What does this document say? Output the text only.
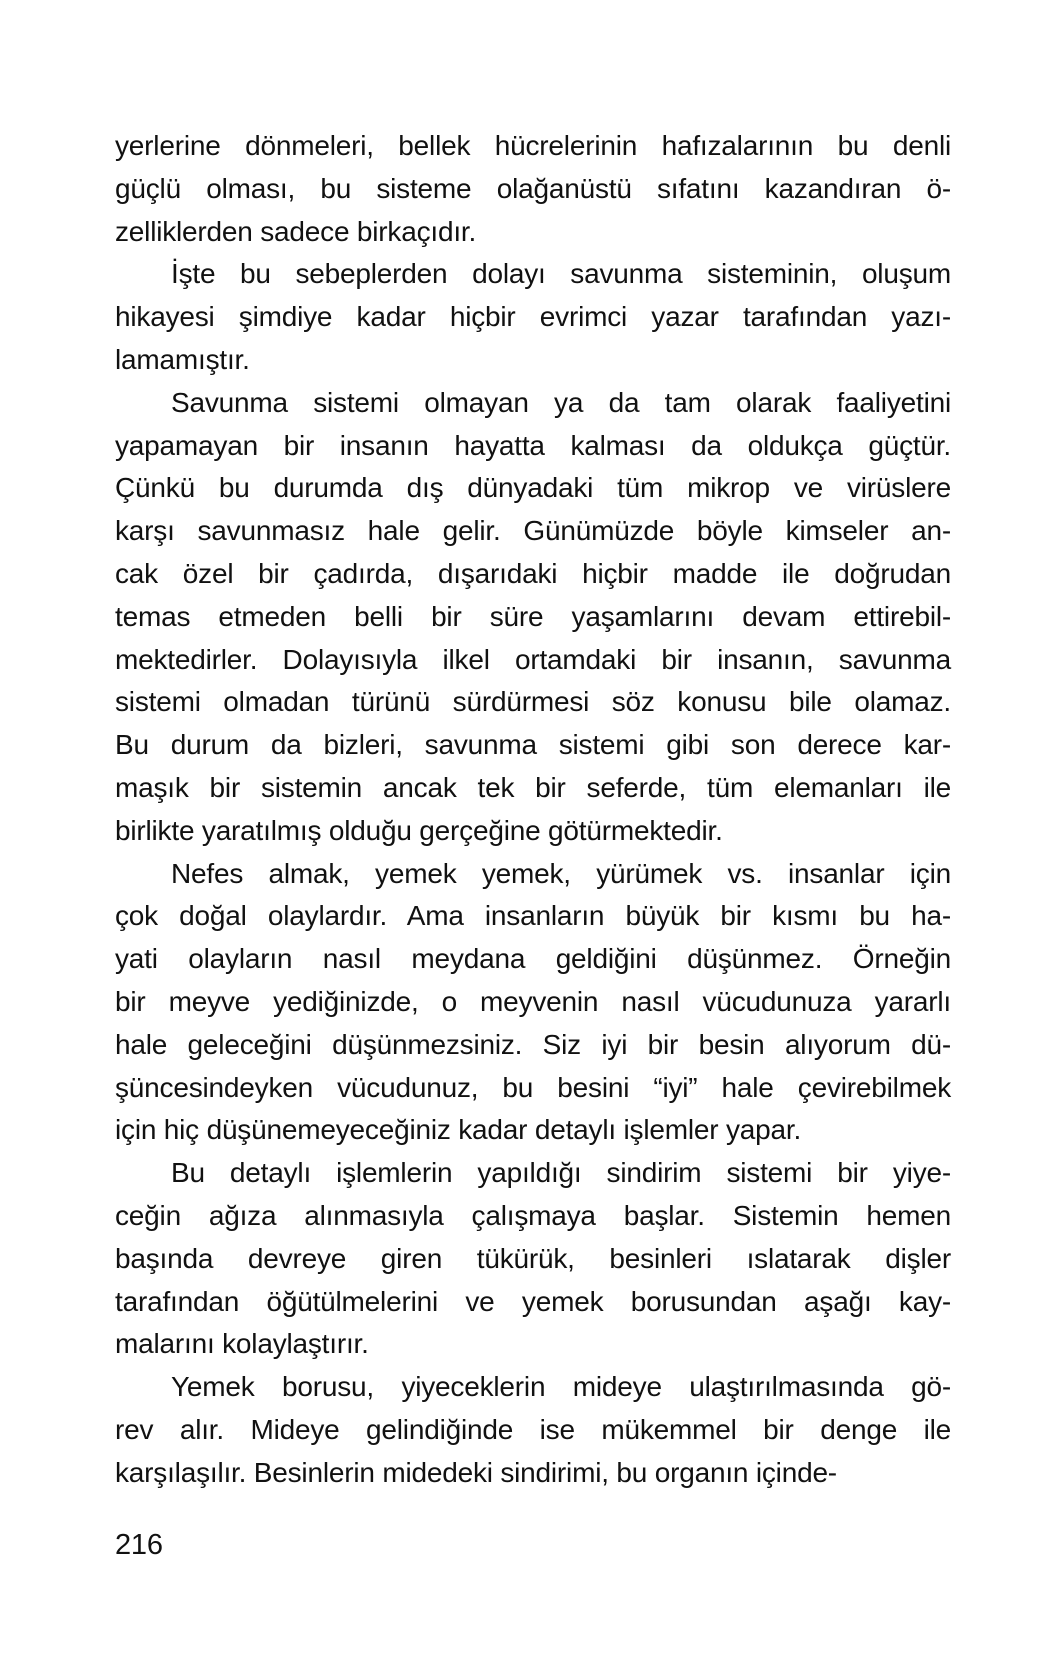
yerlerine dönmeleri, bellek hücrelerinin hafızalarının bu denli
güçlü olması, bu sisteme olağanüstü sıfatını kazandıran ö-
zelliklerden sadece birkaçıdır.
İşte bu sebeplerden dolayı savunma sisteminin, oluşum
hikayesi şimdiye kadar hiçbir evrimci yazar tarafından yazı-
lamamıştır.
Savunma sistemi olmayan ya da tam olarak faaliyetini
yapamayan bir insanın hayatta kalması da oldukça güçtür.
Çünkü bu durumda dış dünyadaki tüm mikrop ve virüslere
karşı savunmasız hale gelir. Günümüzde böyle kimseler an-
cak özel bir çadırda, dışarıdaki hiçbir madde ile doğrudan
temas etmeden belli bir süre yaşamlarını devam ettirebil-
mektedirler. Dolayısıyla ilkel ortamdaki bir insanın, savunma
sistemi olmadan türünü sürdürmesi söz konusu bile olamaz.
Bu durum da bizleri, savunma sistemi gibi son derece kar-
maşık bir sistemin ancak tek bir seferde, tüm elemanları ile
birlikte yaratılmış olduğu gerçeğine götürmektedir.
Nefes almak, yemek yemek, yürümek vs. insanlar için
çok doğal olaylardır. Ama insanların büyük bir kısmı bu ha-
yati olayların nasıl meydana geldiğini düşünmez. Örneğin
bir meyve yediğinizde, o meyvenin nasıl vücudunuza yararlı
hale geleceğini düşünmezsiniz. Siz iyi bir besin alıyorum dü-
şüncesindeyken vücudunuz, bu besini “iyi” hale çevirebilmek
için hiç düşünemeyeceğiniz kadar detaylı işlemler yapar.
Bu detaylı işlemlerin yapıldığı sindirim sistemi bir yiye-
ceğin ağıza alınmasıyla çalışmaya başlar. Sistemin hemen
başında devreye giren tükürük, besinleri ıslatarak dişler
tarafından öğütülmelerini ve yemek borusundan aşağı kay-
malarını kolaylaştırır.
Yemek borusu, yiyeceklerin mideye ulaştırılmasında gö-
rev alır. Mideye gelindiğinde ise mükemmel bir denge ile
karşılaşılır. Besinlerin midedeki sindirimi, bu organın içinde-
216
